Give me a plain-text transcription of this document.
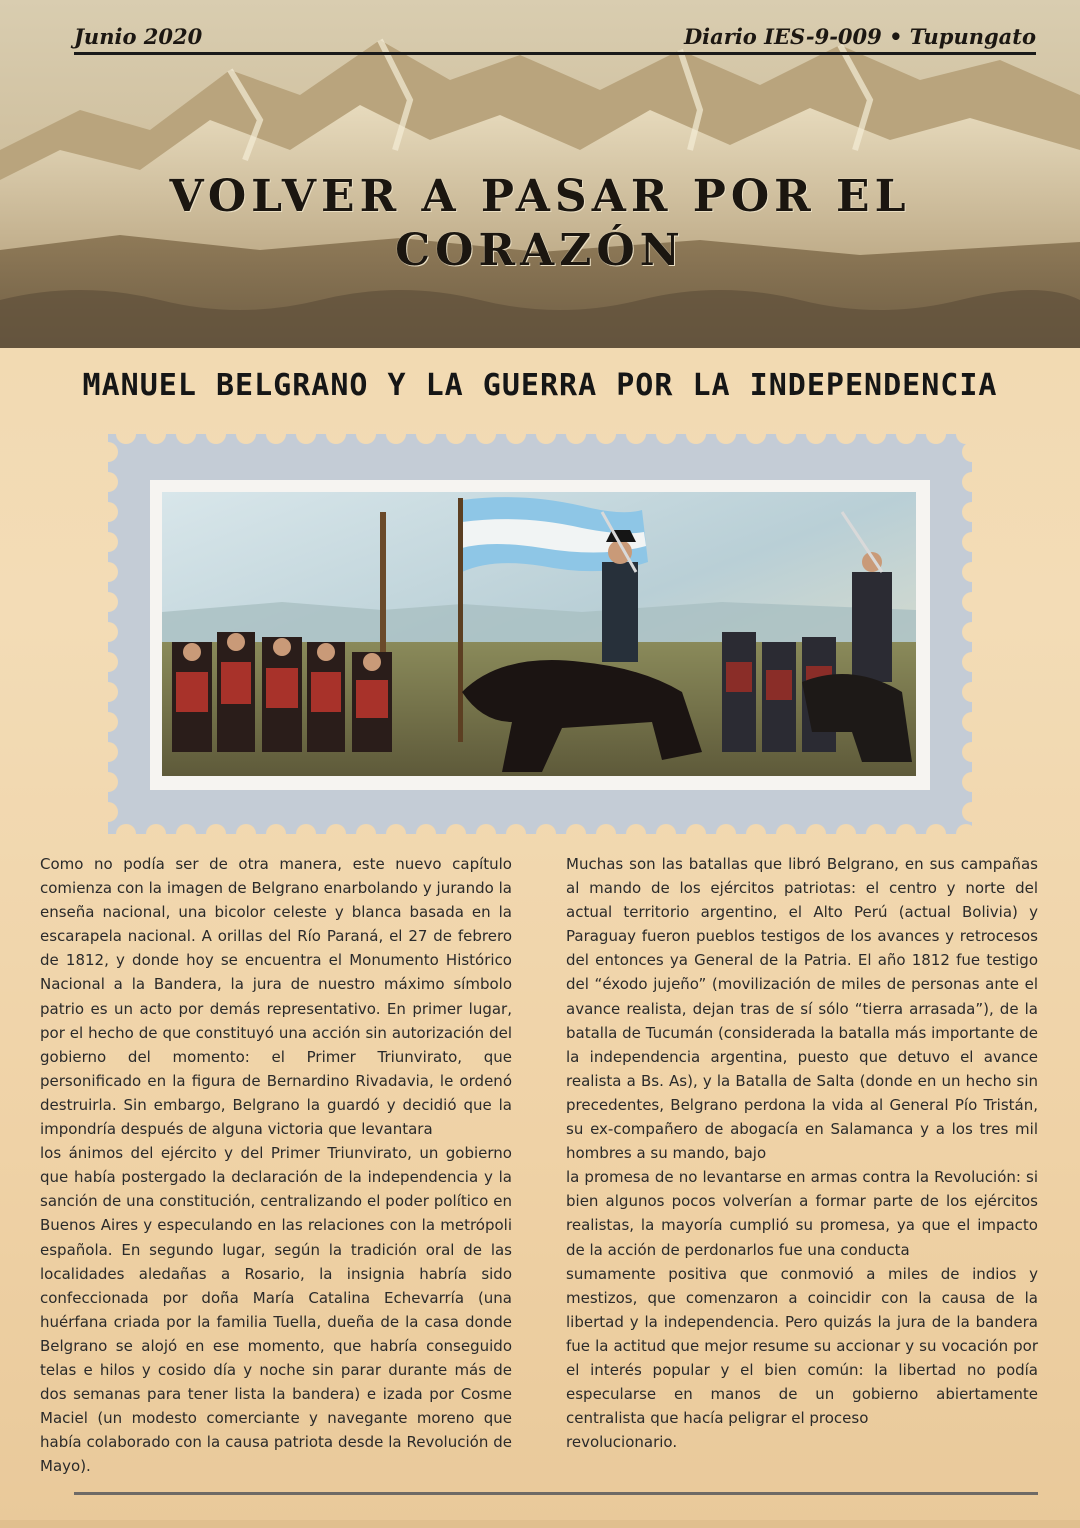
Junio 2020	Diario IES-9-009 • Tupungato
VOLVER A PASAR POR EL
CORAZÓN
MANUEL BELGRANO Y LA GUERRA POR LA INDEPENDENCIA
Como no podía ser de otra manera, este nuevo capítulo comienza con la imagen de Belgrano enarbolando y jurando la enseña nacional, una bicolor celeste y blanca basada en la escarapela nacional. A orillas del Río Paraná, el 27 de febrero de 1812, y donde hoy se encuentra el Monumento Histórico Nacional a la Bandera, la jura de nuestro máximo símbolo patrio es un acto por demás representativo. En primer lugar, por el hecho de que constituyó una acción sin autorización del gobierno del momento: el Primer Triunvirato, que personificado en la figura de Bernardino Rivadavia, le ordenó destruirla. Sin embargo, Belgrano la guardó y decidió que la impondría después de alguna victoria que levantara
los ánimos del ejército y del Primer Triunvirato, un gobierno que había postergado la declaración de la independencia y la sanción de una constitución, centralizando el poder político en Buenos Aires y especulando en las relaciones con la metrópoli española. En segundo lugar, según la tradición oral de las localidades aledañas a Rosario, la insignia habría sido confeccionada por doña María Catalina Echevarría (una huérfana criada por la familia Tuella, dueña de la casa donde Belgrano se alojó en ese momento, que habría conseguido telas e hilos y cosido día y noche sin parar durante más de dos semanas para tener lista la bandera) e izada por Cosme Maciel (un modesto comerciante y navegante moreno que había colaborado con la causa patriota desde la Revolución de Mayo).
Muchas son las batallas que libró Belgrano, en sus campañas al mando de los ejércitos patriotas: el centro y norte del actual territorio argentino, el Alto Perú (actual Bolivia) y Paraguay fueron pueblos testigos de los avances y retrocesos del entonces ya General de la Patria. El año 1812 fue testigo del “éxodo jujeño” (movilización de miles de personas ante el avance realista, dejan tras de sí sólo “tierra arrasada”), de la batalla de Tucumán (considerada la batalla más importante de la independencia argentina, puesto que detuvo el avance realista a Bs. As), y la Batalla de Salta (donde en un hecho sin precedentes, Belgrano perdona la vida al General Pío Tristán, su ex-compañero de abogacía en Salamanca y a los tres mil hombres a su mando, bajo
la promesa de no levantarse en armas contra la Revolución: si bien algunos pocos volverían a formar parte de los ejércitos realistas, la mayoría cumplió su promesa, ya que el impacto de la acción de perdonarlos fue una conducta
sumamente positiva que conmovió a miles de indios y mestizos, que comenzaron a coincidir con la causa de la libertad y la independencia. Pero quizás la jura de la bandera fue la actitud que mejor resume su accionar y su vocación por el interés popular y el bien común: la libertad no podía especularse en manos de un gobierno abiertamente centralista que hacía peligrar el proceso
revolucionario.
